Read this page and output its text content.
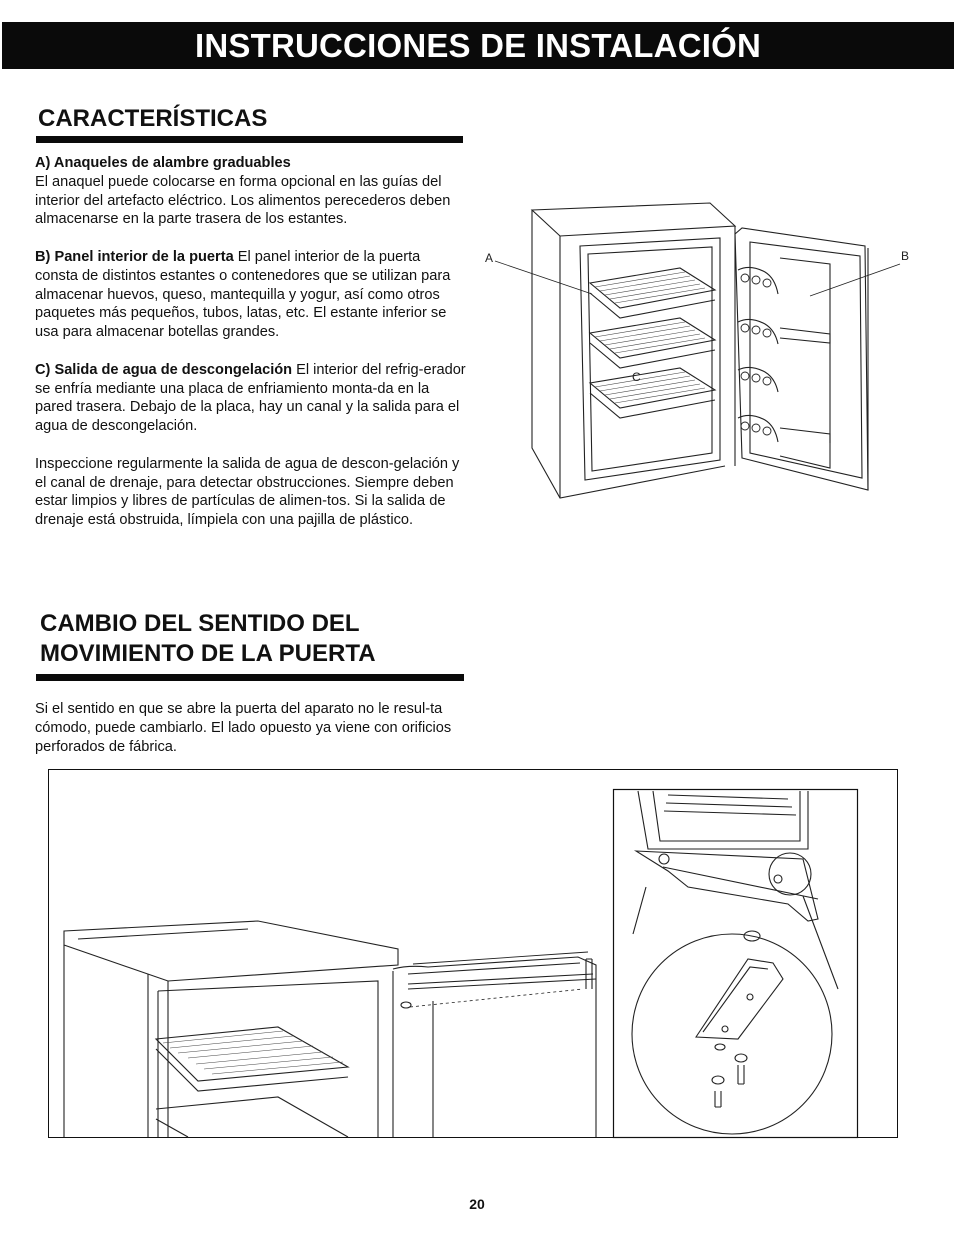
INSTRUCCIONES DE INSTALACIÓN
CARACTERÍSTICAS

A) Anaqueles de alambre graduables
El anaquel puede colocarse en forma opcional en las guías del interior del artefacto eléctrico. Los alimentos perecederos deben almacenarse en la parte trasera de los estantes.

B) Panel interior de la puerta El panel interior de la puerta consta de distintos estantes o contenedores que se utilizan para almacenar huevos, queso, mantequilla y yogur, así como otros paquetes más pequeños, tubos, latas, etc. El estante inferior se usa para almacenar botellas grandes.

C) Salida de agua de descongelación El interior del refrig-erador se enfría mediante una placa de enfriamiento monta-da en la pared trasera. Debajo de la placa, hay un canal y la salida para el agua de descongelación.

Inspeccione regularmente la salida de agua de descon-gelación y el canal de drenaje, para detectar obstrucciones. Siempre deben estar limpios y libres de partículas de alimen-tos. Si la salida de drenaje está obstruida, límpiela con una pajilla de plástico.

A	B
C
CAMBIO DEL SENTIDO DEL
MOVIMIENTO DE LA PUERTA

Si el sentido en que se abre la puerta del aparato no le resul-ta cómodo, puede cambiarlo. El lado opuesto ya viene con orificios perforados de fábrica.

20
